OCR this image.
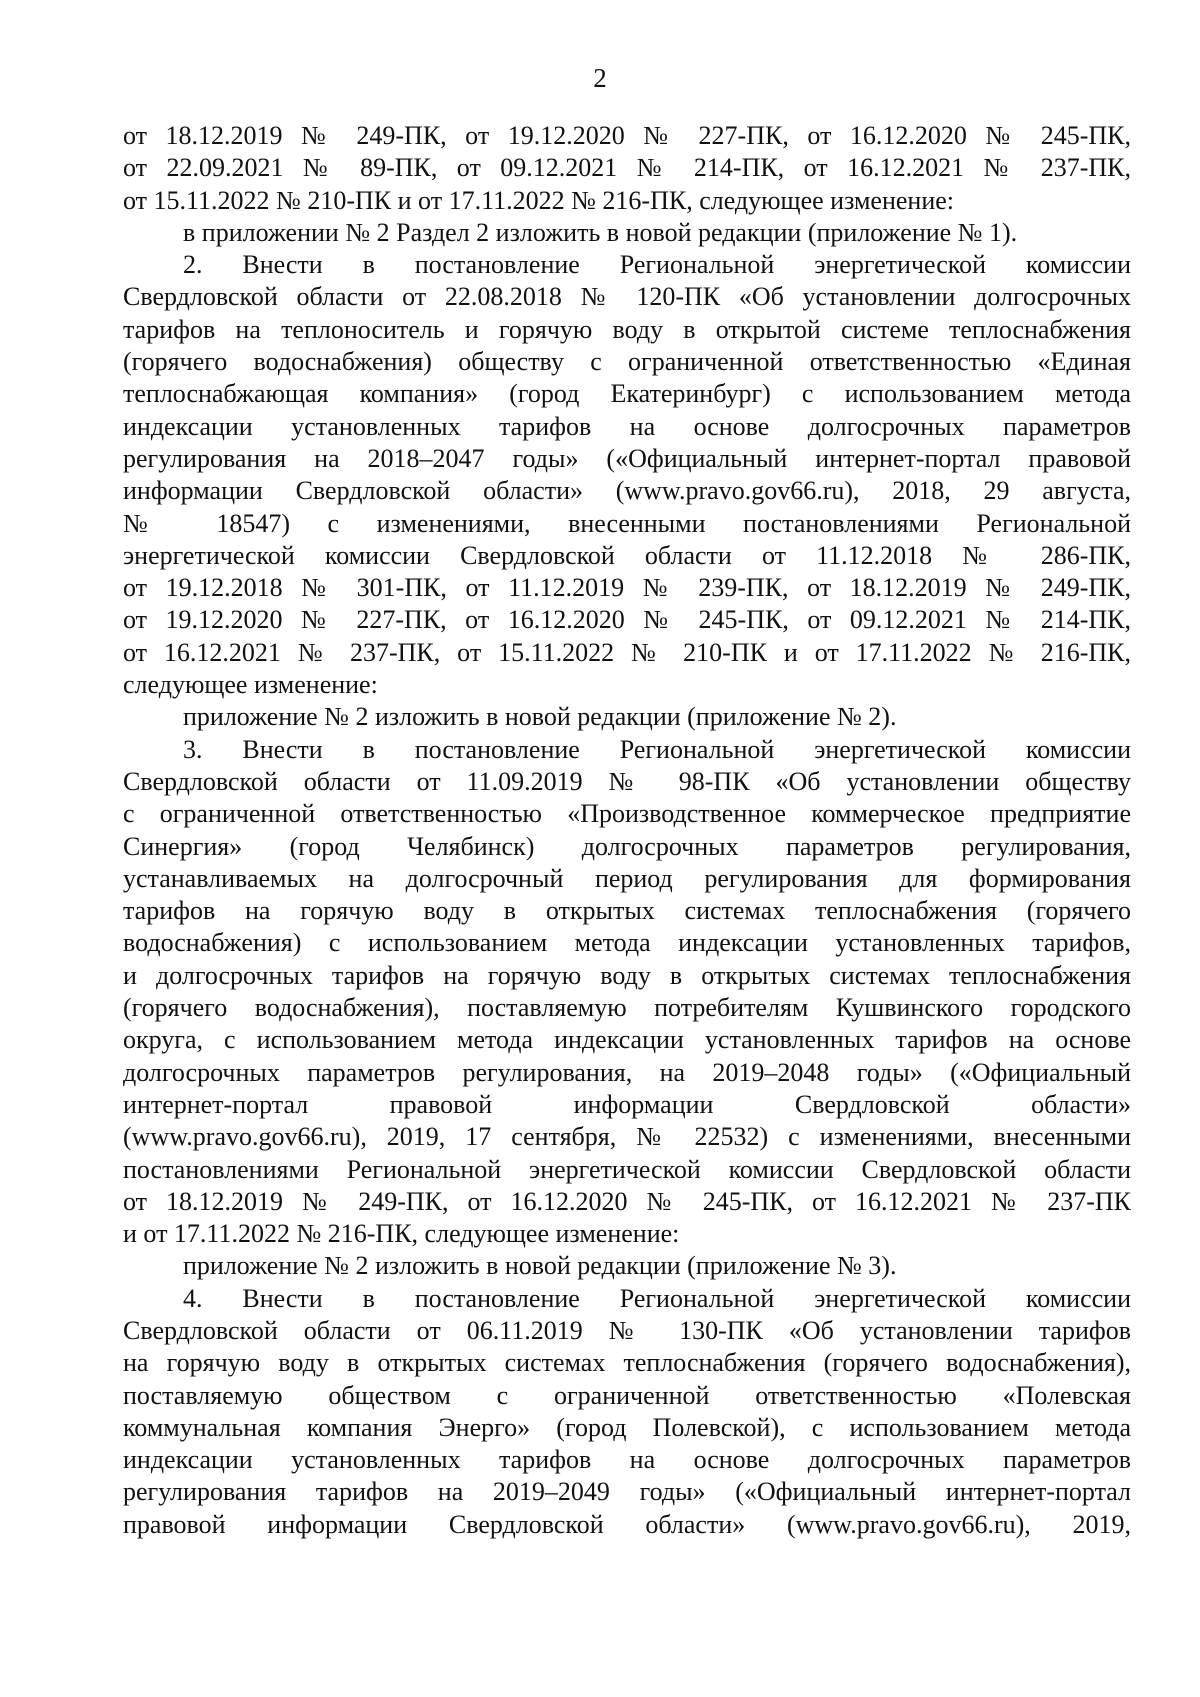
2
от 18.12.2019 № 249-ПК, от 19.12.2020 № 227-ПК, от 16.12.2020 № 245-ПК,
от 22.09.2021 № 89-ПК, от 09.12.2021 № 214-ПК, от 16.12.2021 № 237-ПК,
от 15.11.2022 № 210-ПК и от 17.11.2022 № 216-ПК, следующее изменение:
в приложении № 2 Раздел 2 изложить в новой редакции (приложение № 1).
2. Внести в постановление Региональной энергетической комиссии
Свердловской области от 22.08.2018 № 120-ПК «Об установлении долгосрочных
тарифов на теплоноситель и горячую воду в открытой системе теплоснабжения
(горячего водоснабжения) обществу с ограниченной ответственностью «Единая
теплоснабжающая компания» (город Екатеринбург) с использованием метода
индексации установленных тарифов на основе долгосрочных параметров
регулирования на 2018–2047 годы» («Официальный интернет-портал правовой
информации Свердловской области» (www.pravo.gov66.ru), 2018, 29 августа,
№ 18547) с изменениями, внесенными постановлениями Региональной
энергетической комиссии Свердловской области от 11.12.2018 № 286-ПК,
от 19.12.2018 № 301-ПК, от 11.12.2019 № 239-ПК, от 18.12.2019 № 249-ПК,
от 19.12.2020 № 227-ПК, от 16.12.2020 № 245-ПК, от 09.12.2021 № 214-ПК,
от 16.12.2021 № 237-ПК, от 15.11.2022 № 210-ПК и от 17.11.2022 № 216-ПК,
следующее изменение:
приложение № 2 изложить в новой редакции (приложение № 2).
3. Внести в постановление Региональной энергетической комиссии
Свердловской области от 11.09.2019 № 98-ПК «Об установлении обществу
с ограниченной ответственностью «Производственное коммерческое предприятие
Синергия» (город Челябинск) долгосрочных параметров регулирования,
устанавливаемых на долгосрочный период регулирования для формирования
тарифов на горячую воду в открытых системах теплоснабжения (горячего
водоснабжения) с использованием метода индексации установленных тарифов,
и долгосрочных тарифов на горячую воду в открытых системах теплоснабжения
(горячего водоснабжения), поставляемую потребителям Кушвинского городского
округа, с использованием метода индексации установленных тарифов на основе
долгосрочных параметров регулирования, на 2019–2048 годы» («Официальный
интернет-портал правовой информации Свердловской области»
(www.pravo.gov66.ru), 2019, 17 сентября, № 22532) с изменениями, внесенными
постановлениями Региональной энергетической комиссии Свердловской области
от 18.12.2019 № 249-ПК, от 16.12.2020 № 245-ПК, от 16.12.2021 № 237-ПК
и от 17.11.2022 № 216-ПК, следующее изменение:
приложение № 2 изложить в новой редакции (приложение № 3).
4. Внести в постановление Региональной энергетической комиссии
Свердловской области от 06.11.2019 № 130-ПК «Об установлении тарифов
на горячую воду в открытых системах теплоснабжения (горячего водоснабжения),
поставляемую обществом с ограниченной ответственностью «Полевская
коммунальная компания Энерго» (город Полевской), с использованием метода
индексации установленных тарифов на основе долгосрочных параметров
регулирования тарифов на 2019–2049 годы» («Официальный интернет-портал
правовой информации Свердловской области» (www.pravo.gov66.ru), 2019,
